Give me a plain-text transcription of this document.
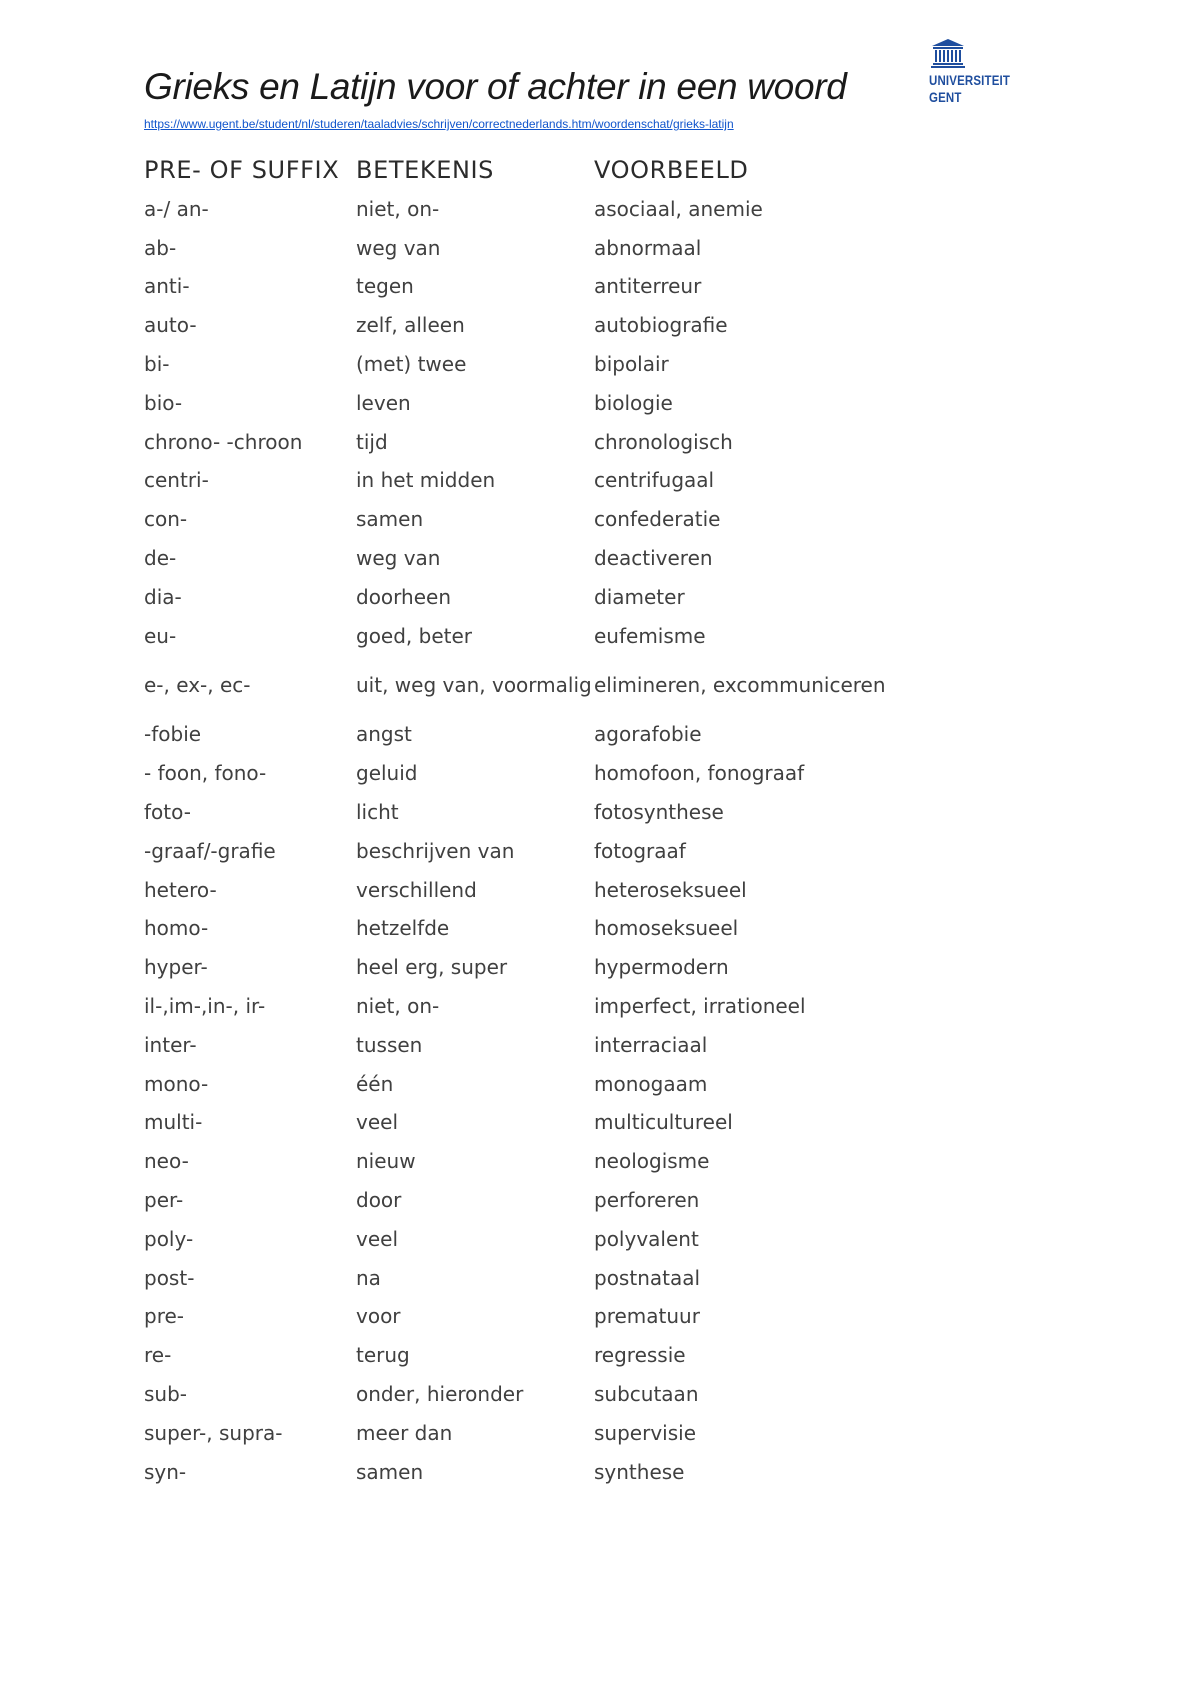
Grieks en Latijn voor of achter in een woord
https://www.ugent.be/student/nl/studeren/taaladvies/schrijven/correctnederlands.htm/woordenschat/grieks-latijn
UNIVERSITEIT
GENT
PRE- OF SUFFIX	BETEKENIS	VOORBEELD
a-/ an-	niet, on-	asociaal, anemie
ab-	weg van	abnormaal
anti-	tegen	antiterreur
auto-	zelf, alleen	autobiografie
bi-	(met) twee	bipolair
bio-	leven	biologie
chrono- -chroon	tijd	chronologisch
centri-	in het midden	centrifugaal
con-	samen	confederatie
de-	weg van	deactiveren
dia-	doorheen	diameter
eu-	goed, beter	eufemisme
e-, ex-, ec-	uit, weg van, voormalig	elimineren, excommuniceren
-fobie	angst	agorafobie
- foon, fono-	geluid	homofoon, fonograaf
foto-	licht	fotosynthese
-graaf/-grafie	beschrijven van	fotograaf
hetero-	verschillend	heteroseksueel
homo-	hetzelfde	homoseksueel
hyper-	heel erg, super	hypermodern
il-,im-,in-, ir-	niet, on-	imperfect, irrationeel
inter-	tussen	interraciaal
mono-	één	monogaam
multi-	veel	multicultureel
neo-	nieuw	neologisme
per-	door	perforeren
poly-	veel	polyvalent
post-	na	postnataal
pre-	voor	prematuur
re-	terug	regressie
sub-	onder, hieronder	subcutaan
super-, supra-	meer dan	supervisie
syn-	samen	synthese
